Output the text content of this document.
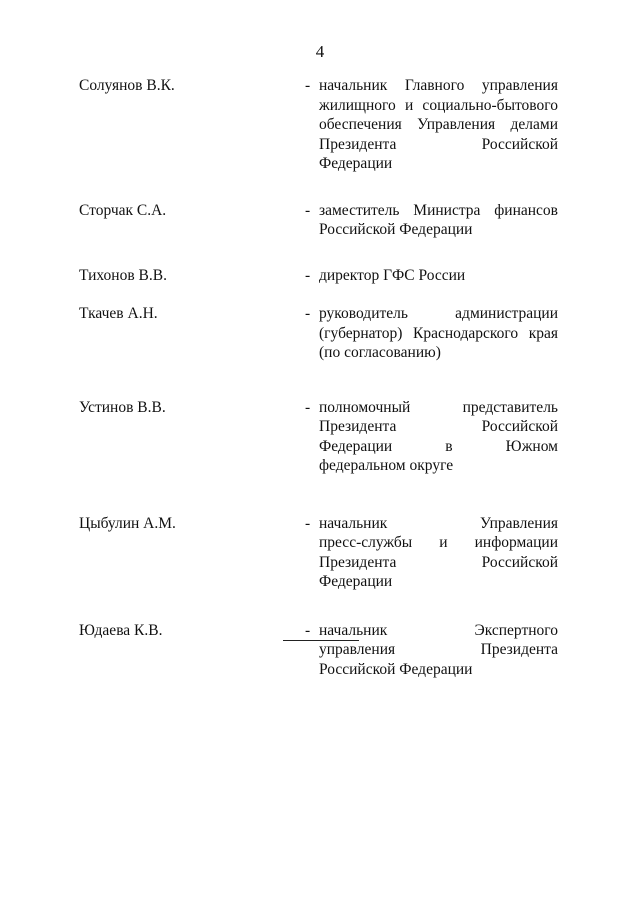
4
Солуянов В.К.	- начальник Главного управления
жилищного и социально-бытового
обеспечения Управления делами
Президента Российской
Федерации
Сторчак С.А.	- заместитель Министра финансов
Российской Федерации
Тихонов В.В.	- директор ГФС России
Ткачев А.Н.	- руководитель администрации
(губернатор) Краснодарского края
(по согласованию)
Устинов В.В.	- полномочный представитель
Президента Российской
Федерации в Южном
федеральном округе
Цыбулин А.М.	- начальник Управления
пресс-службы и информации
Президента Российской
Федерации
Юдаева К.В.	- начальник Экспертного
управления Президента
Российской Федерации
